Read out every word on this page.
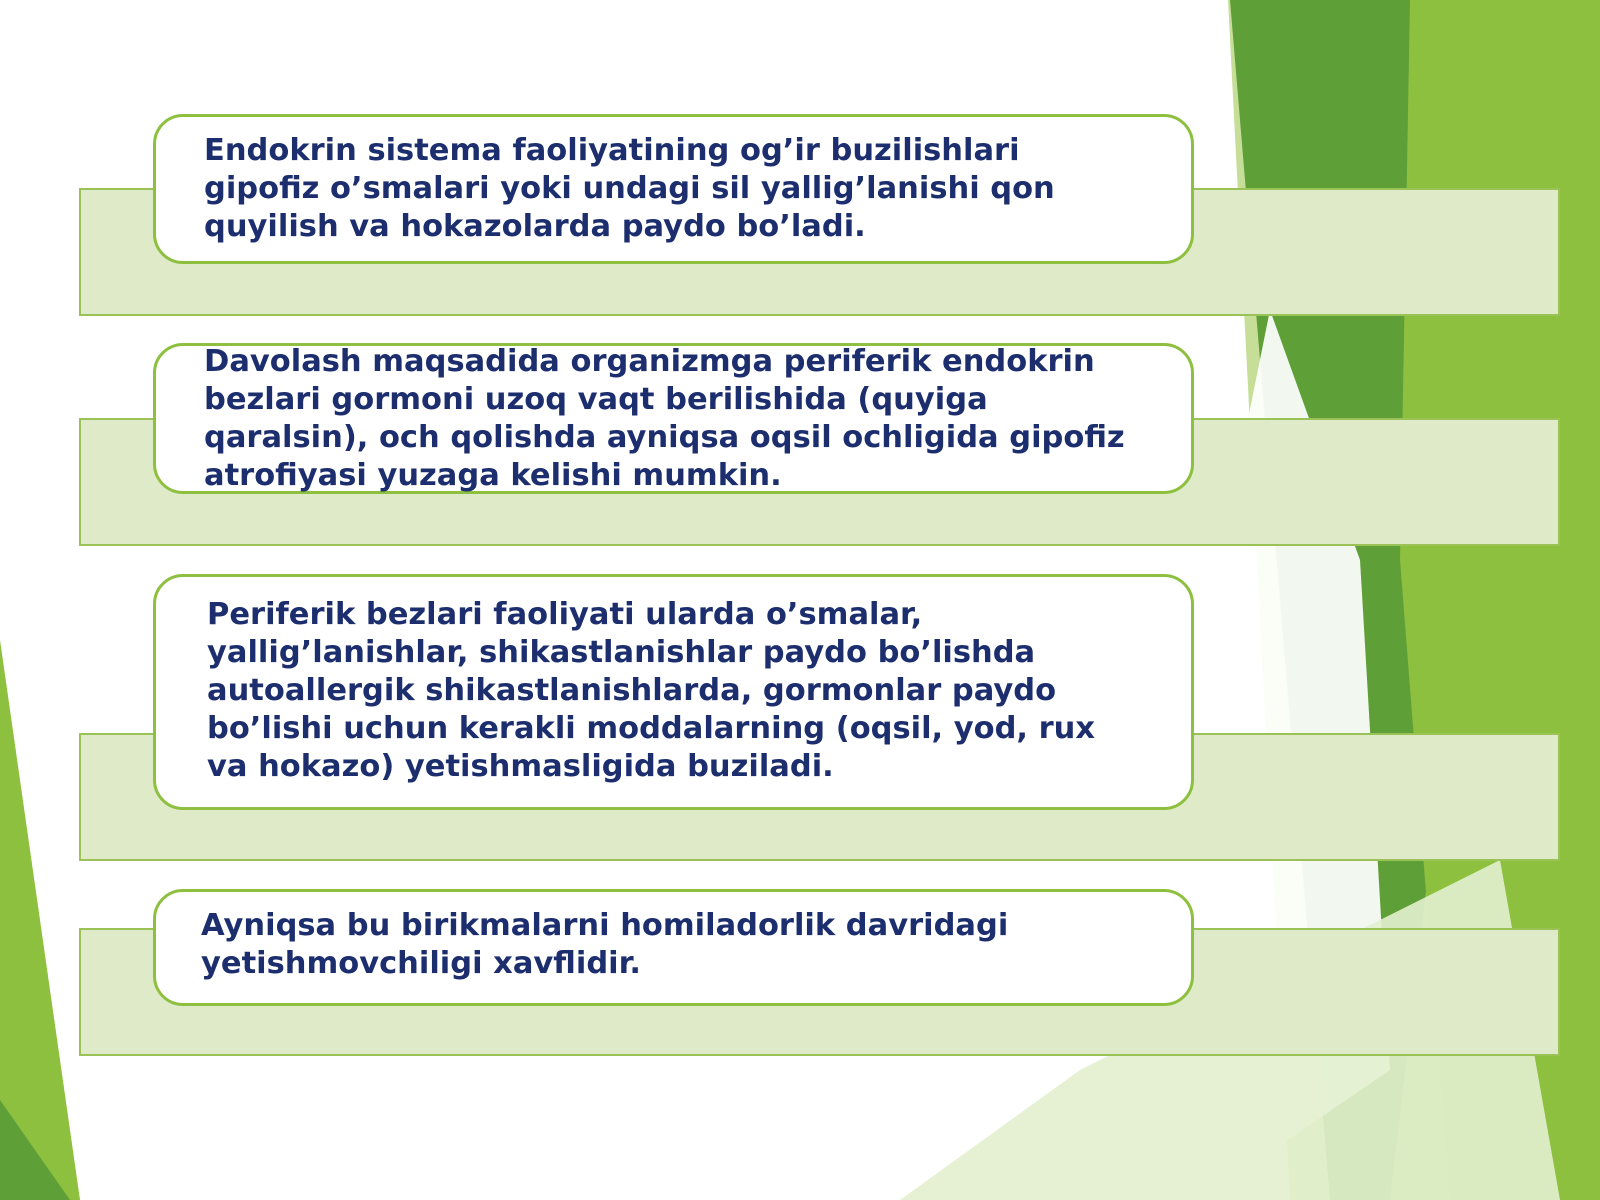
Endokrin sistema faoliyatining og’ir buzilishlari
gipofiz o’smalari yoki undagi sil yallig’lanishi qon
quyilish va hokazolarda paydo bo’ladi.
Davolash maqsadida organizmga periferik endokrin
bezlari gormoni uzoq vaqt berilishida (quyiga
qaralsin), och qolishda ayniqsa oqsil ochligida gipofiz
atrofiyasi yuzaga kelishi mumkin.
Periferik bezlari faoliyati ularda o’smalar,
yallig’lanishlar, shikastlanishlar paydo bo’lishda
autoallergik shikastlanishlarda, gormonlar paydo
bo’lishi uchun kerakli moddalarning (oqsil, yod, rux
va hokazo) yetishmasligida buziladi.
Ayniqsa bu birikmalarni homiladorlik davridagi
yetishmovchiligi xavflidir.
